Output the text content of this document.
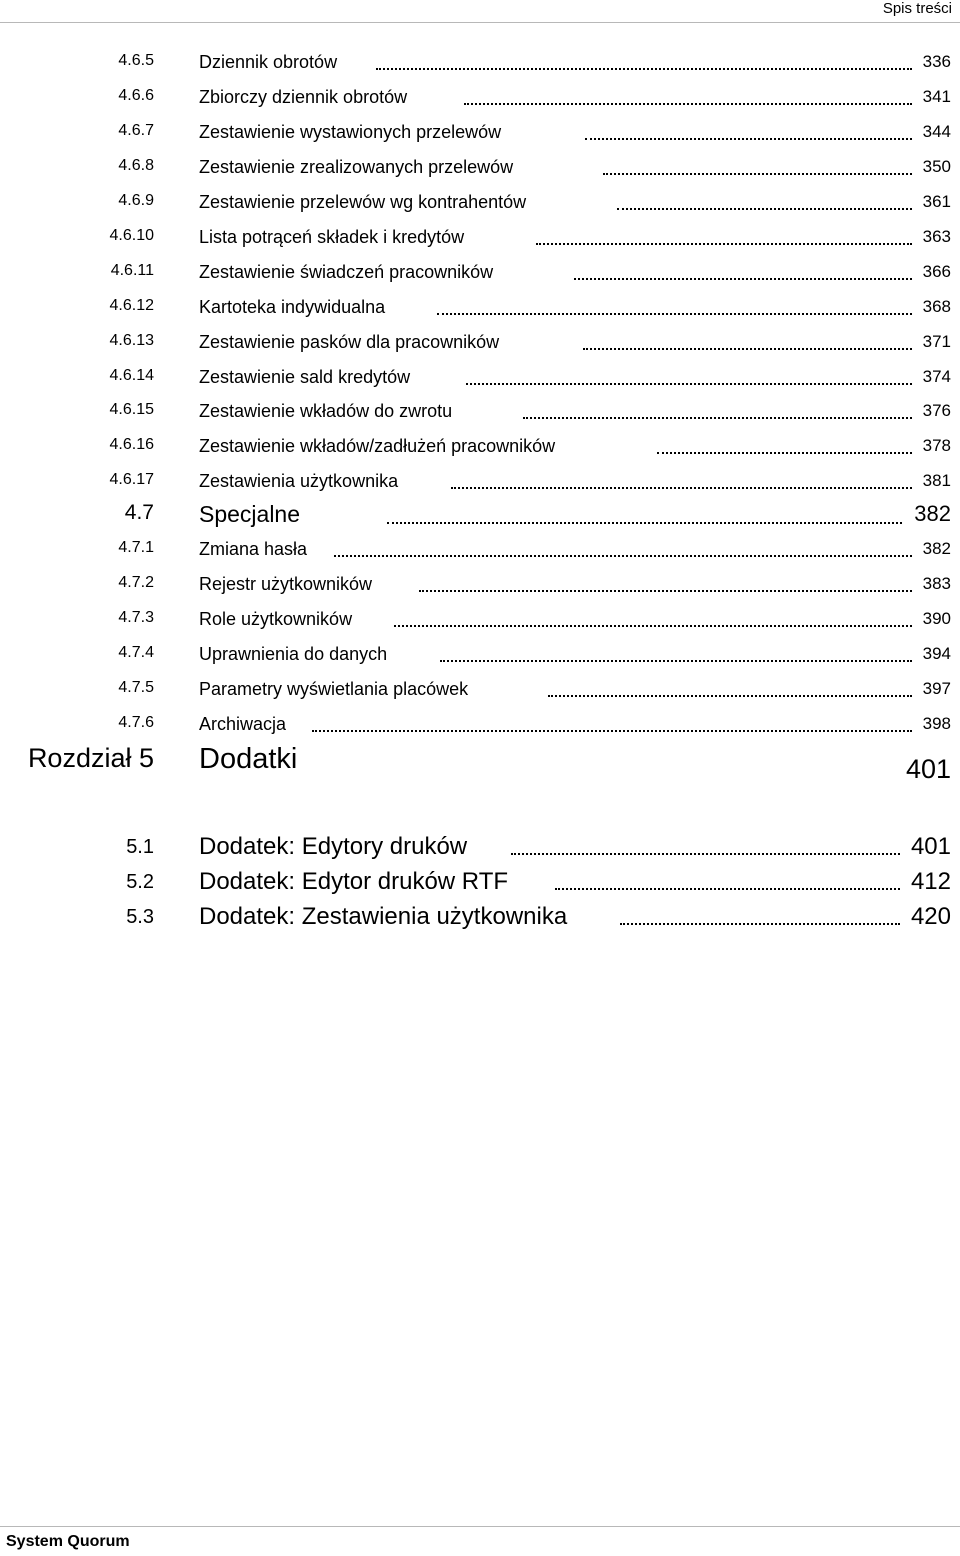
Spis treści
4.6.5	Dziennik obrotów	336
4.6.6	Zbiorczy dziennik obrotów	341
4.6.7	Zestawienie wystawionych przelewów	344
4.6.8	Zestawienie zrealizowanych przelewów	350
4.6.9	Zestawienie przelewów wg kontrahentów	361
4.6.10	Lista potrąceń składek i kredytów	363
4.6.11	Zestawienie świadczeń pracowników	366
4.6.12	Kartoteka indywidualna	368
4.6.13	Zestawienie pasków dla pracowników	371
4.6.14	Zestawienie sald kredytów	374
4.6.15	Zestawienie wkładów do zwrotu	376
4.6.16	Zestawienie wkładów/zadłużeń pracowników	378
4.6.17	Zestawienia użytkownika	381
4.7 Specjalne	382
4.7.1	Zmiana hasła	382
4.7.2	Rejestr użytkowników	383
4.7.3	Role użytkowników	390
4.7.4	Uprawnienia do danych	394
4.7.5	Parametry wyświetlania placówek	397
4.7.6	Archiwacja	398
Rozdział 5 Dodatki	401
5.1 Dodatek: Edytory druków	401
5.2 Dodatek: Edytor druków RTF	412
5.3 Dodatek: Zestawienia użytkownika	420
System Quorum
